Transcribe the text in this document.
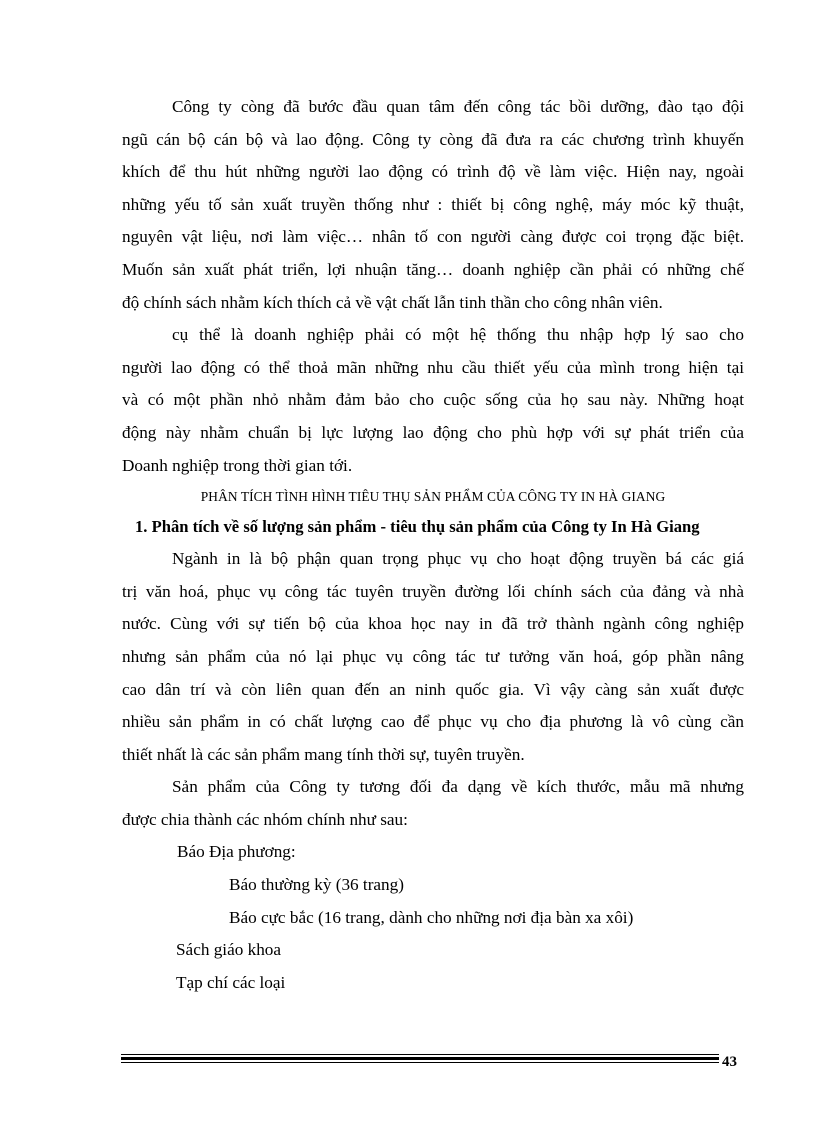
Công ty còng đã bước đầu quan tâm đến công tác bồi dưỡng, đào tạo đội
ngũ cán bộ cán bộ và lao động. Công ty còng đã đưa ra các chương trình khuyến
khích để thu hút những người lao động có trình độ về làm việc. Hiện nay, ngoài
những yếu tố sản xuất truyền thống như : thiết bị công nghệ, máy móc kỹ thuật,
nguyên vật liệu, nơi làm việc… nhân tố con người càng được coi trọng đặc biệt.
Muốn sản xuất phát triển, lợi nhuận tăng… doanh nghiệp cần phải có những chế
độ chính sách nhằm kích thích cả về vật chất lẫn tinh thần cho công nhân viên.
cụ thể là doanh nghiệp phải có một hệ thống thu nhập hợp lý sao cho
người lao động có thể thoả mãn những nhu cầu thiết yếu của mình trong hiện tại
và có một phần nhỏ nhằm đảm bảo cho cuộc sống của họ sau này. Những hoạt
động này nhằm chuẩn bị lực lượng lao động cho phù hợp với sự phát triển của
Doanh nghiệp trong thời gian tới.
PHÂN TÍCH TÌNH HÌNH TIÊU THỤ SẢN PHẨM CỦA CÔNG TY IN HÀ GIANG
1. Phân tích về số lượng sản phẩm - tiêu thụ sản phẩm của Công ty In Hà Giang
Ngành in là bộ phận quan trọng phục vụ cho hoạt động truyền bá các giá
trị văn hoá, phục vụ công tác tuyên truyền đường lối chính sách của đảng và nhà
nước. Cùng với sự tiến bộ của khoa học nay in đã trở thành ngành công nghiệp
nhưng sản phẩm của nó lại phục vụ công tác tư tưởng văn hoá, góp phần nâng
cao dân trí và còn liên quan đến an ninh quốc gia. Vì vậy càng sản xuất được
nhiều sản phẩm in có chất lượng cao để phục vụ cho địa phương là vô cùng cần
thiết nhất là các sản phẩm mang tính thời sự, tuyên truyền.
Sản phẩm của Công ty tương đối đa dạng về kích thước, mẫu mã nhưng
được chia thành các nhóm chính như sau:
Báo Địa phương:
Báo thường kỳ (36 trang)
Báo cực bắc (16 trang, dành cho những nơi địa bàn xa xôi)
Sách giáo khoa
Tạp chí các loại
43
